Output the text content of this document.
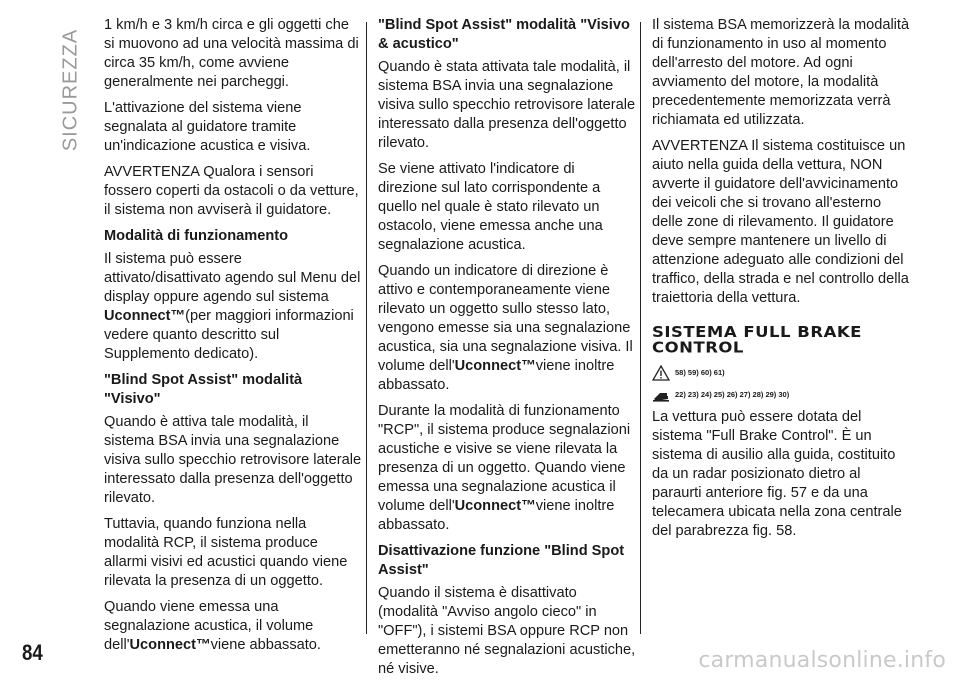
SICUREZZA

1 km/h e 3 km/h circa e gli oggetti che si muovono ad una velocità massima di circa 35 km/h, come avviene generalmente nei parcheggi.

L'attivazione del sistema viene segnalata al guidatore tramite un'indicazione acustica e visiva.

AVVERTENZA Qualora i sensori fossero coperti da ostacoli o da vetture, il sistema non avviserà il guidatore.

Modalità di funzionamento

Il sistema può essere attivato/disattivato agendo sul Menu del display oppure agendo sul sistema Uconnect™(per maggiori informazioni vedere quanto descritto sul Supplemento dedicato).

"Blind Spot Assist" modalità "Visivo"

Quando è attiva tale modalità, il sistema BSA invia una segnalazione visiva sullo specchio retrovisore laterale interessato dalla presenza dell'oggetto rilevato.

Tuttavia, quando funziona nella modalità RCP, il sistema produce allarmi visivi ed acustici quando viene rilevata la presenza di un oggetto.

Quando viene emessa una segnalazione acustica, il volume dell'Uconnect™viene abbassato.

"Blind Spot Assist" modalità "Visivo & acustico"

Quando è stata attivata tale modalità, il sistema BSA invia una segnalazione visiva sullo specchio retrovisore laterale interessato dalla presenza dell'oggetto rilevato.

Se viene attivato l'indicatore di direzione sul lato corrispondente a quello nel quale è stato rilevato un ostacolo, viene emessa anche una segnalazione acustica.

Quando un indicatore di direzione è attivo e contemporaneamente viene rilevato un oggetto sullo stesso lato, vengono emesse sia una segnalazione acustica, sia una segnalazione visiva. Il volume dell'Uconnect™viene inoltre abbassato.

Durante la modalità di funzionamento "RCP", il sistema produce segnalazioni acustiche e visive se viene rilevata la presenza di un oggetto. Quando viene emessa una segnalazione acustica il volume dell'Uconnect™viene inoltre abbassato.

Disattivazione funzione "Blind Spot Assist"

Quando il sistema è disattivato (modalità "Avviso angolo cieco" in "OFF"), i sistemi BSA oppure RCP non emetteranno né segnalazioni acustiche, né visive.

Il sistema BSA memorizzerà la modalità di funzionamento in uso al momento dell'arresto del motore. Ad ogni avviamento del motore, la modalità precedentemente memorizzata verrà richiamata ed utilizzata.

AVVERTENZA Il sistema costituisce un aiuto nella guida della vettura, NON avverte il guidatore dell'avvicinamento dei veicoli che si trovano all'esterno delle zone di rilevamento. Il guidatore deve sempre mantenere un livello di attenzione adeguato alle condizioni del traffico, della strada e nel controllo della traiettoria della vettura.

SISTEMA FULL BRAKE
CONTROL
58) 59) 60) 61)
22) 23) 24) 25) 26) 27) 28) 29) 30)

La vettura può essere dotata del sistema "Full Brake Control". È un sistema di ausilio alla guida, costituito da un radar posizionato dietro al paraurti anteriore fig. 57 e da una telecamera ubicata nella zona centrale del parabrezza fig. 58.

84	carmanualsonline.info
